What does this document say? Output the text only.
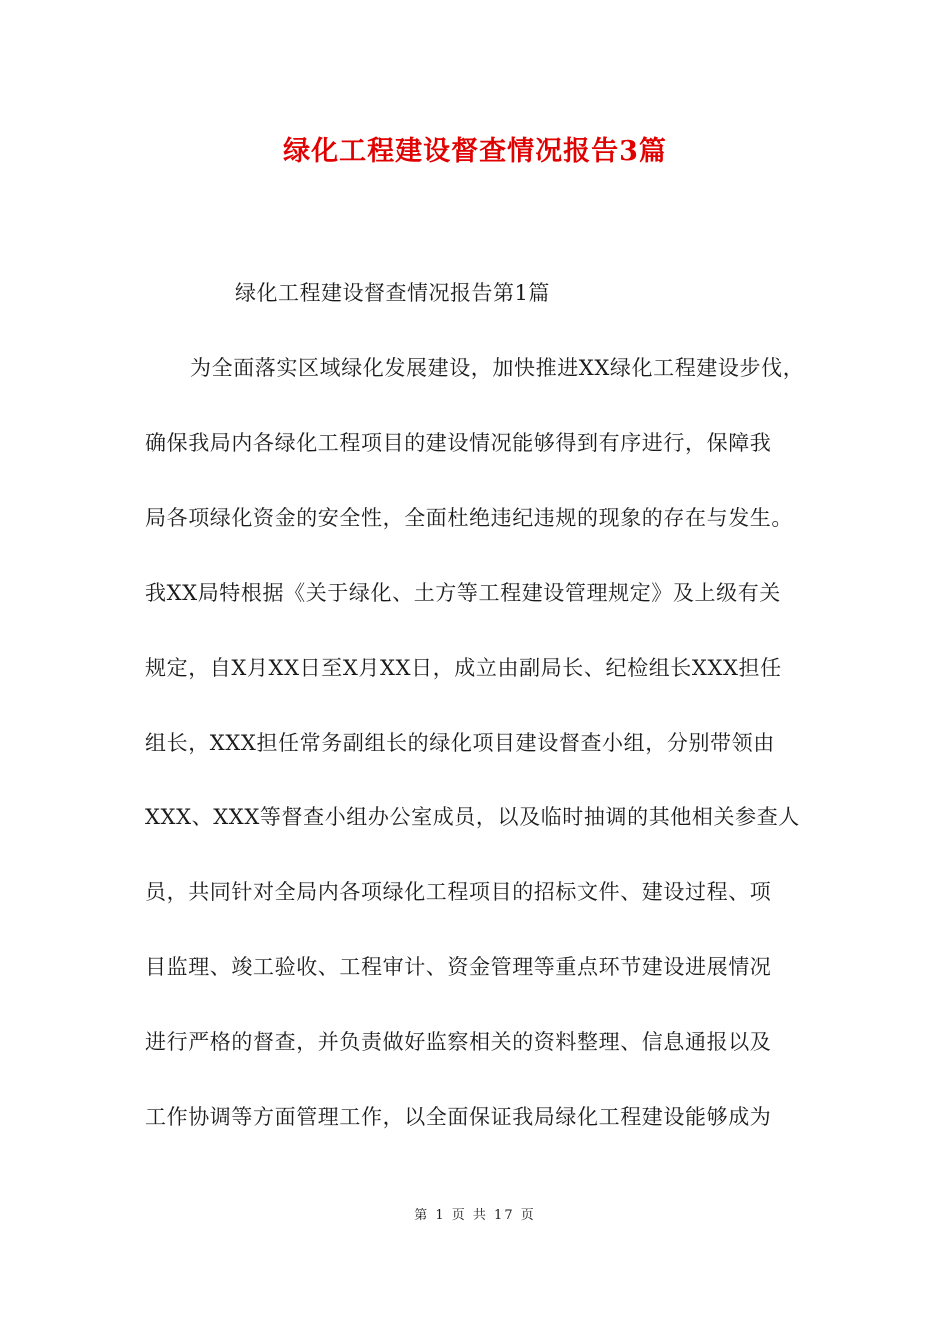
绿化工程建设督查情况报告3篇
绿化工程建设督查情况报告第1篇
为全面落实区域绿化发展建设，加快推进XX绿化工程建设步伐，
确保我局内各绿化工程项目的建设情况能够得到有序进行，保障我
局各项绿化资金的安全性，全面杜绝违纪违规的现象的存在与发生。
我XX局特根据《关于绿化、土方等工程建设管理规定》及上级有关
规定，自X月XX日至X月XX日，成立由副局长、纪检组长XXX担任
组长，XXX担任常务副组长的绿化项目建设督查小组，分别带领由
XXX、XXX等督查小组办公室成员，以及临时抽调的其他相关参查人
员，共同针对全局内各项绿化工程项目的招标文件、建设过程、项
目监理、竣工验收、工程审计、资金管理等重点环节建设进展情况
进行严格的督查，并负责做好监察相关的资料整理、信息通报以及
工作协调等方面管理工作，以全面保证我局绿化工程建设能够成为
第 1 页 共 17 页
